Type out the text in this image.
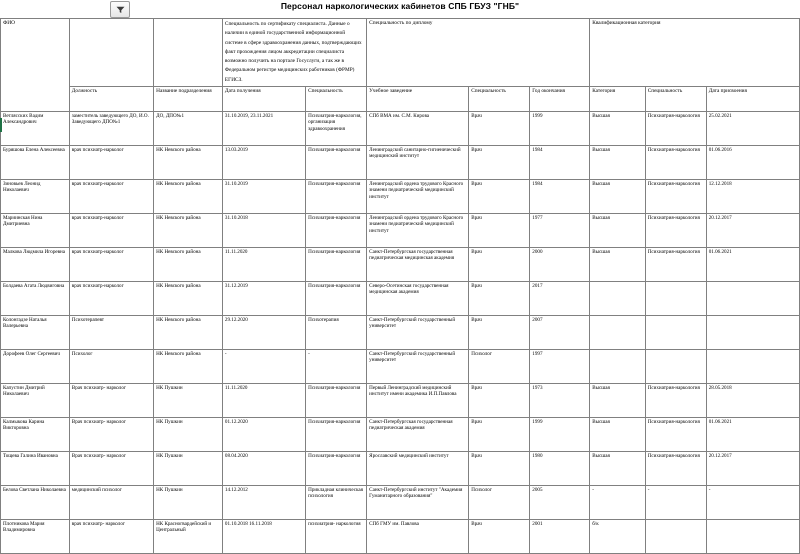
Персонал наркологических кабинетов СПБ ГБУЗ "ГНБ"
ФИО			Специальность по сертификату специалиста. Данные о наличии в единой государственной информационной системе в сфере здравоохранения данных, подтверждающих факт прохождения лицом аккредитации специалиста возможно получить на портале Госуслуги, а так же в Федеральном регистре медицинских работников (ФРМР) ЕГИСЗ.		Специальность по диплому			Квалификационная категория		
	Должность	Название подразделения	Дата получения	Специальность	Учебное заведение	Специальность	Год окончания	Категория	Специальность	Дата присвоения
Ветлясских Вадим Александрович	заместитель заведующего ДО, И.О. Заведующего ДПО№1	ДО, ДПО№1	31.10.2019, 23.11.2021	Психиатрия-наркология, организация здравоохранения	СПб ВМА им. С.М. Кирова	Врач	1999	Высшая	Психиатрия-наркология	25.02.2021
Буряшова Елена Алексеевна	врач психиатр-нарколог	НК Невского района	13.03.2019	Психиатрия-наркология	Ленинградский санитарно-гигиенический медицинский институт	Врач	1984	Высшая	Психиатрия-наркология	01.06.2016
Зиновьев Леонид Николаевич	врач психиатр-нарколог	НК Невского района	31.10.2019	Психиатрия-наркология	Ленинградский ордена трудового Красного знамени педиатрический медицинский институт	Врач	1984	Высшая	Психиатрия-наркология	12.12.2018
Мариинская Нина Дмитриевна	врач психиатр-нарколог	НК Невского района	31.10.2018	Психиатрия-наркология	Ленинградский ордена трудового Красного знамени педиатрический медицинский институт	Врач	1977	Высшая	Психиатрия-наркология	20.12.2017
Малкова Людмила Игоревна	врач психиатр-нарколог	НК Невского района	11.11.2020	Психиатрия-наркология	Санкт-Петербургская государственная педиатрическая медицинская академия	Врач	2000	Высшая	Психиатрия-наркология	01.06.2021
Болдаева Агата Людвиговна	врач психиатр-нарколог	НК Невского района	31.12.2019	Психиатрия-наркология	Северо-Осетинская государственная медицинская академия	Врач	2017			
Колонгадзе Наталья Валерьевна	Психотерапевт	НК Невского района	29.12.2020	Психотерапия	Санкт-Петербургский государственный университет	Врач	2007			
Дорофеев Олег Сергеевич	Психолог	НК Невского района	-	-	Санкт-Петербургский государственный университет	Психолог	1997			
Капустин Дмитрий Николаевич	Врач психиатр- нарколог	НК Пушкин	11.11.2020	Психиатрия-наркология	Первый Ленинградский медицинский институт имени академика И.П.Павлова	Врач	1973	Высшая	Психиатрия-наркология	28.05.2018
Калмыкова Карина Викторовна	Врач психиатр- нарколог	НК Пушкин	01.12.2020	Психиатрия-наркология	Санкт-Петербургская государственная педиатрическая академия	Врач	1999	Высшая	Психиатрия-наркология	01.06.2021
Тощева Галина Ивановна	Врач психиатр- нарколог	НК Пушкин	08.04.2020	Психиатрия-наркология	Ярославский медицинский институт	Врач	1980	Высшая	Психиатрия-наркология	20.12.2017
Белова Светлана Николаевна	медицинский психолог	НК Пушкин	14.12.2012	Прикладная клиническая психология	Санкт-Петербургский институт "Академия Гуманитарного образования"	Психолог	2005	-	-	-
Плотникова Мария Владимировна	врач психиатр- нарколог	НК Красногвардейский и Центральный	01.10.2018 16.11.2018	психиатрия- наркология	СПб ГМУ им. Павлова	Врач	2001	б/к		
